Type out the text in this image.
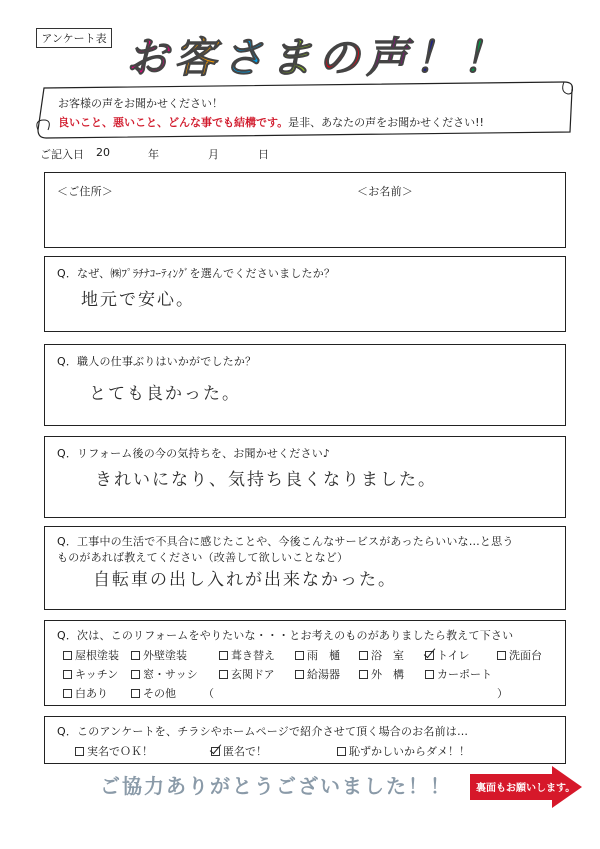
アンケート表 お 客 さ ま の 声 ！ ！
お客様の声をお聞かせください！
良いこと、悪いこと、どんな事でも結構です。是非、あなたの声をお聞かせください!!
ご記入日 20	年	月	日
＜ご住所＞	＜お名前＞
Q．なぜ、㈱ﾌﾟﾗﾁﾅｺｰﾃｨﾝｸﾞを選んでくださいましたか？
地元で安心。
Q．職人の仕事ぶりはいかがでしたか？
とても良かった。
Q．リフォーム後の今の気持ちを、お聞かせください♪
きれいになり、気持ち良くなりました。
Q．工事中の生活で不具合に感じたことや、今後こんなサービスがあったらいいな…と思う
ものがあれば教えてください（改善して欲しいことなど）
自転車の出し入れが出来なかった。
Q．次は、このリフォームをやりたいな・・・とお考えのものがありましたら教えて下さい
屋根塗装	外壁塗装	葺き替え	雨　樋	浴　室	トイレ	洗面台
キッチン	窓・サッシ	玄関ドア	給湯器	外　構	カーポート
白あり	その他 （	）
Q．このアンケートを、チラシやホームページで紹介させて頂く場合のお名前は…
実名でＯＫ！	匿名で！	恥ずかしいからダメ！！
ご協力ありがとうございました！！ 裏面もお願いします。
